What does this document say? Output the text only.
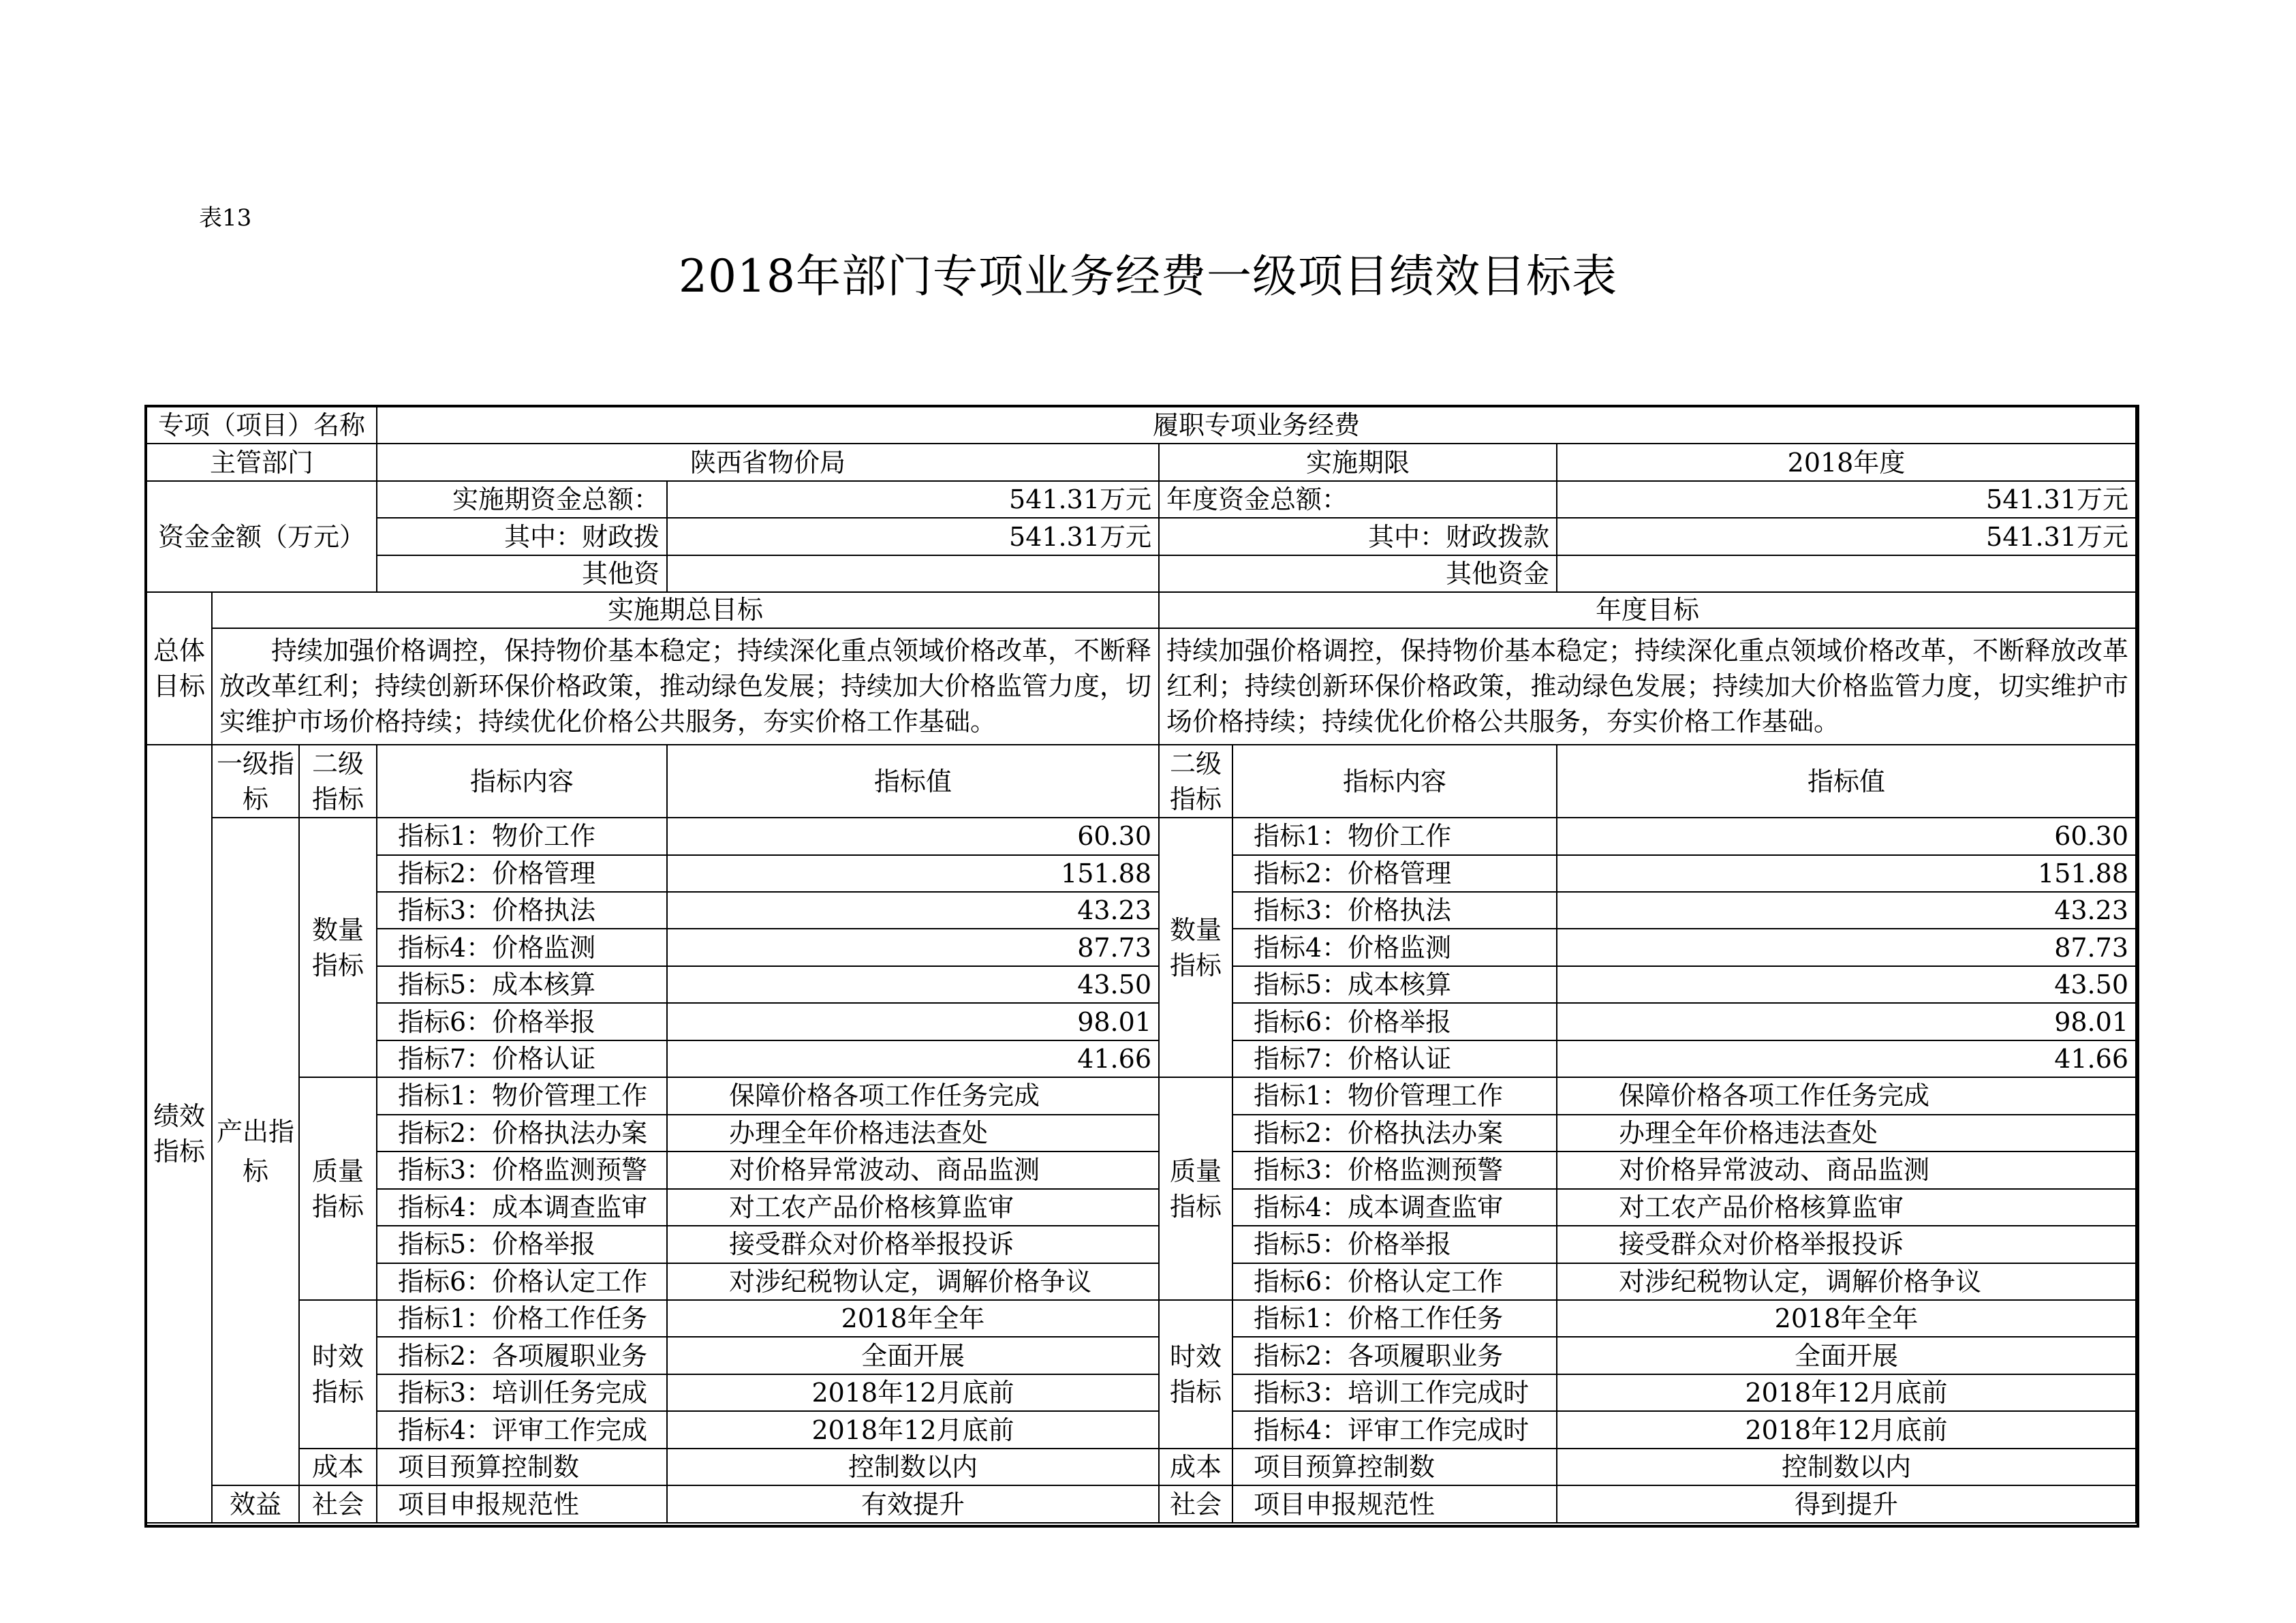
表13
2018年部门专项业务经费一级项目绩效目标表
专项（项目）名称			履职专项业务经费				
主管部门			陕西省物价局		实施期限		2018年度
资金金额（万元）			实施期资金总额：	541.31万元	年度资金总额：		541.31万元
			其中：财政拨	541.31万元	其中：财政拨款		541.31万元
			其他资		其他资金		
总体目标	实施期总目标				年度目标		
	持续加强价格调控，保持物价基本稳定；持续深化重点领域价格改革，不断释放改革红利；持续创新环保价格政策，推动绿色发展；持续加大价格监管力度，切实维护市场价格持续；持续优化价格公共服务，夯实价格工作基础。				持续加强价格调控，保持物价基本稳定；持续深化重点领域价格改革，不断释放改革红利；持续创新环保价格政策，推动绿色发展；持续加大价格监管力度，切实维护市场价格持续；持续优化价格公共服务，夯实价格工作基础。		
绩效指标	一级指标	二级指标	指标内容	指标值	二级指标	指标内容	指标值
	产出指标	数量指标	指标1：物价工作	60.30	数量指标	指标1：物价工作	60.30
			指标2：价格管理	151.88		指标2：价格管理	151.88
			指标3：价格执法	43.23		指标3：价格执法	43.23
			指标4：价格监测	87.73		指标4：价格监测	87.73
			指标5：成本核算	43.50		指标5：成本核算	43.50
			指标6：价格举报	98.01		指标6：价格举报	98.01
			指标7：价格认证	41.66		指标7：价格认证	41.66
		质量指标	指标1：物价管理工作	保障价格各项工作任务完成	质量指标	指标1：物价管理工作	保障价格各项工作任务完成
			指标2：价格执法办案	办理全年价格违法查处		指标2：价格执法办案	办理全年价格违法查处
			指标3：价格监测预警	对价格异常波动、商品监测		指标3：价格监测预警	对价格异常波动、商品监测
			指标4：成本调查监审	对工农产品价格核算监审		指标4：成本调查监审	对工农产品价格核算监审
			指标5：价格举报	接受群众对价格举报投诉		指标5：价格举报	接受群众对价格举报投诉
			指标6：价格认定工作	对涉纪税物认定，调解价格争议		指标6：价格认定工作	对涉纪税物认定，调解价格争议
		时效指标	指标1：价格工作任务	2018年全年	时效指标	指标1：价格工作任务	2018年全年
			指标2：各项履职业务	全面开展		指标2：各项履职业务	全面开展
			指标3：培训任务完成	2018年12月底前		指标3：培训工作完成时	2018年12月底前
			指标4：评审工作完成	2018年12月底前		指标4：评审工作完成时	2018年12月底前
		成本	项目预算控制数	控制数以内	成本	项目预算控制数	控制数以内
	效益	社会	项目申报规范性	有效提升	社会	项目申报规范性	得到提升
